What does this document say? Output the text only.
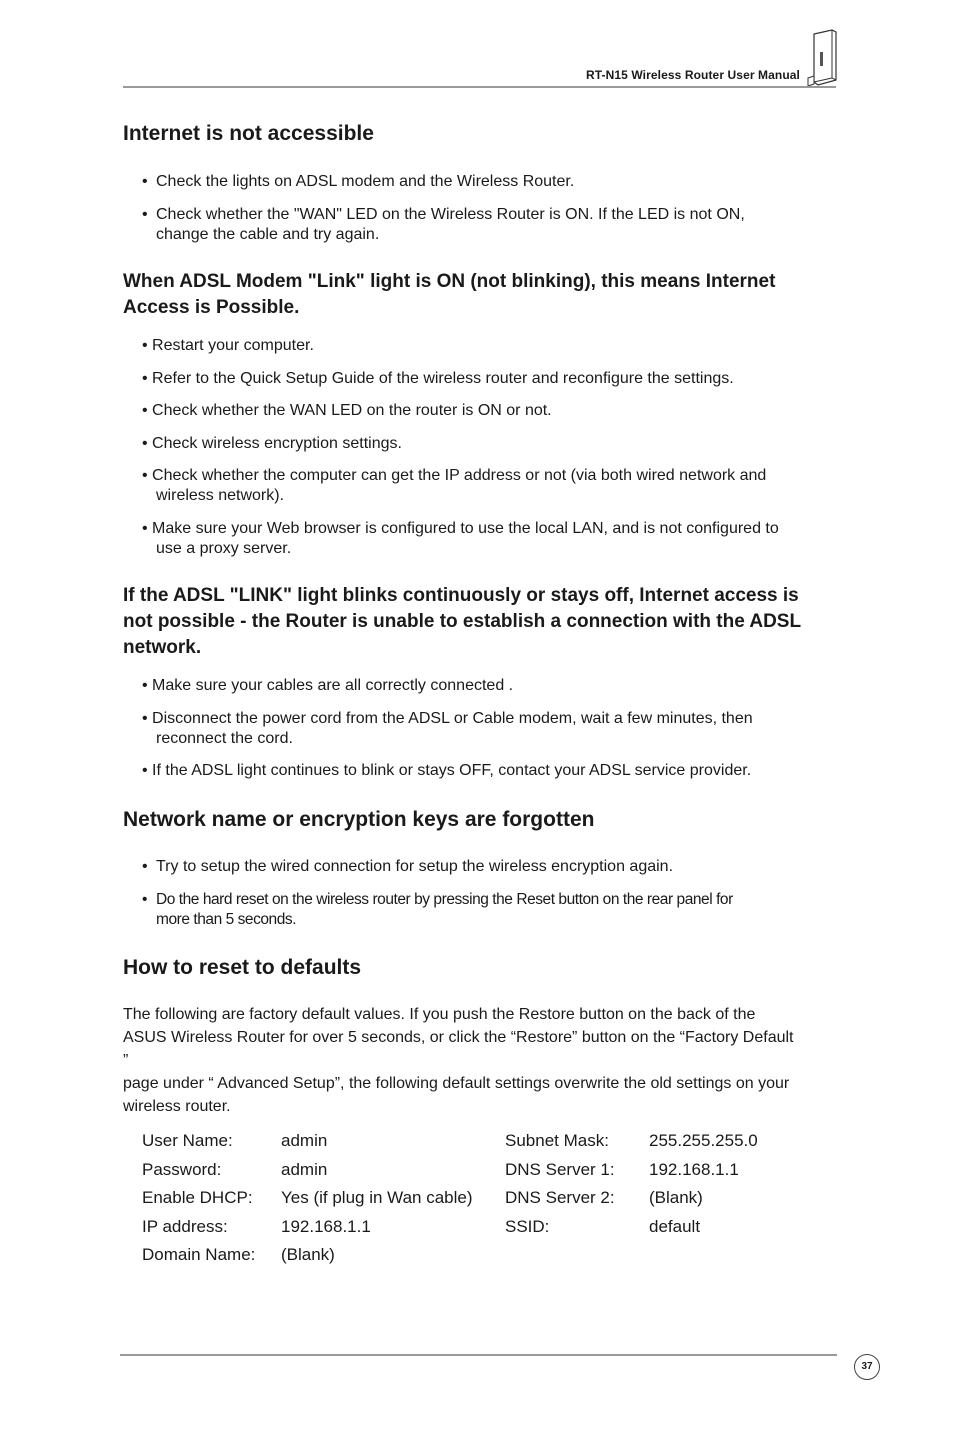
RT-N15 Wireless Router User Manual
Internet is not accessible

• Check the lights on ADSL modem and the Wireless Router.

• Check whether the "WAN" LED on the Wireless Router is ON. If the LED is not ON,
change the cable and try again.

When ADSL Modem "Link" light is ON (not blinking), this means Internet
Access is Possible.

• Restart your computer.

• Refer to the Quick Setup Guide of the wireless router and reconfigure the settings.

• Check whether the WAN LED on the router is ON or not.

• Check wireless encryption settings.

• Check whether the computer can get the IP address or not (via both wired network and
wireless network).

• Make sure your Web browser is configured to use the local LAN, and is not configured to
use a proxy server.

If the ADSL "LINK" light blinks continuously or stays off, Internet access is
not possible - the Router is unable to establish a connection with the ADSL
network.

• Make sure your cables are all correctly connected .

• Disconnect the power cord from the ADSL or Cable modem, wait a few minutes, then
reconnect the cord.

• If the ADSL light continues to blink or stays OFF, contact your ADSL service provider.

Network name or encryption keys are forgotten

• Try to setup the wired connection for setup the wireless encryption again.

• Do the hard reset on the wireless router by pressing the Reset button on the rear panel for
more than 5 seconds.

How to reset to defaults

The following are factory default values. If you push the Restore button on the back of the
ASUS Wireless Router for over 5 seconds, or click the “Restore” button on the “Factory Default
”
page under “ Advanced Setup”, the following default settings overwrite the old settings on your
wireless router.

User Name:	admin	Subnet Mask: 255.255.255.0
Password:	admin	DNS Server 1: 192.168.1.1
Enable DHCP: Yes (if plug in Wan cable) DNS Server 2: (Blank)
IP address:	192.168.1.1	SSID:	default
Domain Name: (Blank)
37
